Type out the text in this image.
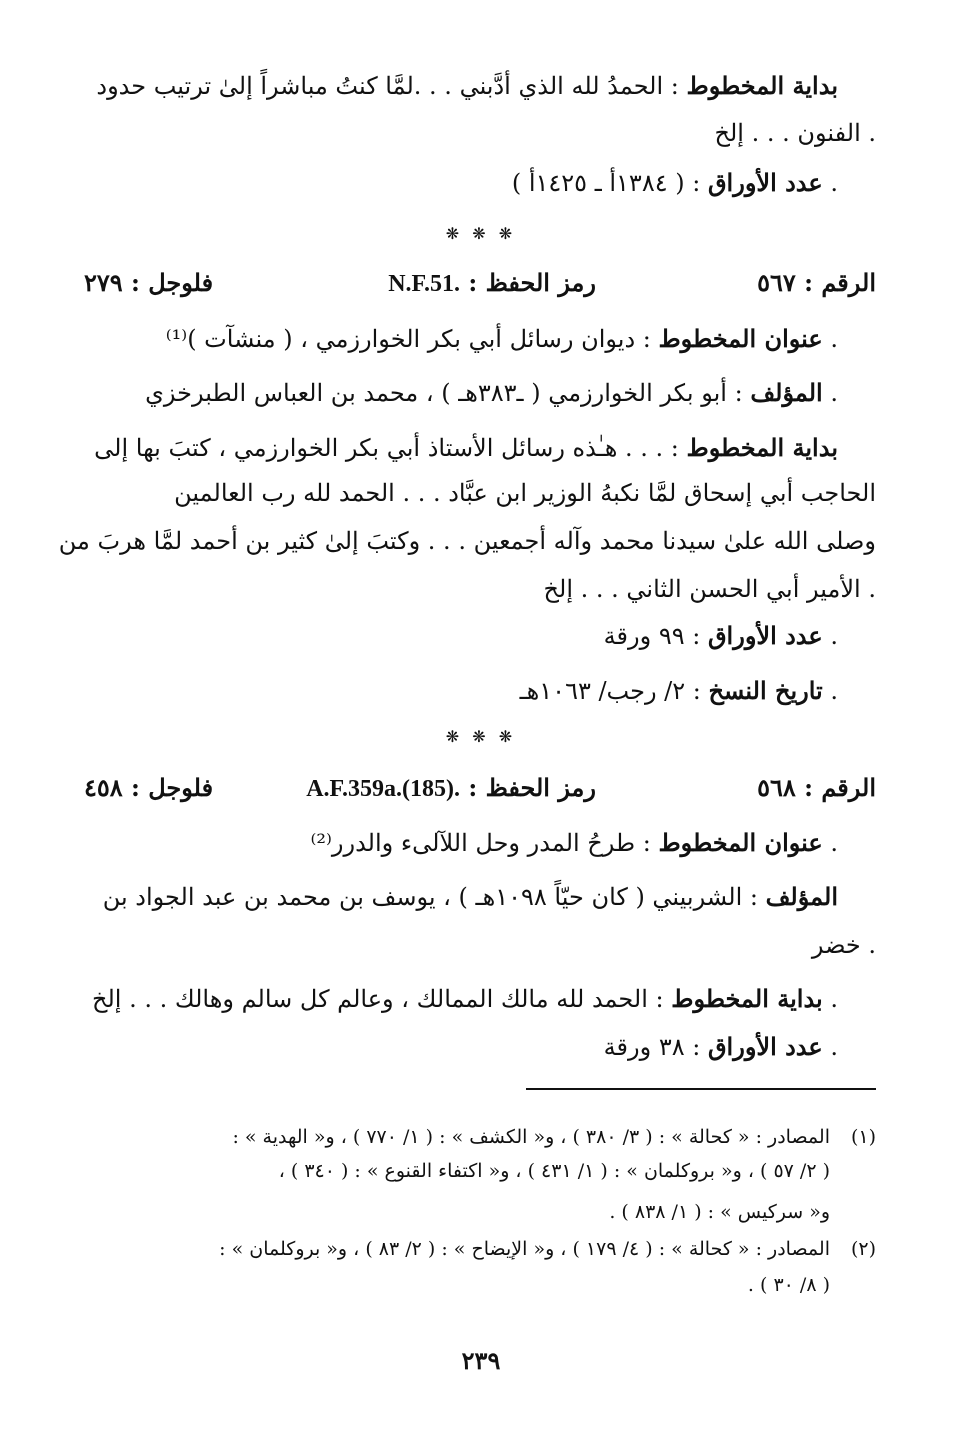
بداية المخطوط : الحمدُ لله الذي أدَّبني . . .لمَّا كنتُ مباشراً إلىٰ ترتيب حدود
الفنون . . . إلخ .
عدد الأوراق : ( ١٣٨٤أ ـ ١٤٢٥أ ) .
❋ ❋ ❋
الرقم : ٥٦٧
رمز الحفظ : N.F.51.
فلوجل : ٢٧٩
عنوان المخطوط : ديوان رسائل أبي بكر الخوارزمي ، ( منشآت )⁽¹⁾ .
المؤلف : أبو بكر الخوارزمي ( ـ٣٨٣هـ ) ، محمد بن العباس الطبرخزي .
بداية المخطوط : . . . هـٰذه رسائل الأستاذ أبي بكر الخوارزمي ، كتبَ بها إلى
الحاجب أبي إسحاق لمَّا نكبهُ الوزير ابن عبَّاد . . . الحمد لله رب العالمين
وصلى الله علىٰ سيدنا محمد وآله أجمعين . . . وكتبَ إلىٰ كثير بن أحمد لمَّا هربَ من
الأمير أبي الحسن الثاني . . . إلخ .
عدد الأوراق : ٩٩ ورقة .
تاريخ النسخ : ٢/ رجب/ ١٠٦٣هـ .
❋ ❋ ❋
الرقم : ٥٦٨
رمز الحفظ : A.F.359a.(185).
فلوجل : ٤٥٨
عنوان المخطوط : طرحُ المدر وحل اللآلىء والدرر⁽²⁾ .
المؤلف : الشربيني ( كان حيّاً ١٠٩٨هـ ) ، يوسف بن محمد بن عبد الجواد بن
خضر .
بداية المخطوط : الحمد لله مالك الممالك ، وعالم كل سالم وهالك . . . إلخ .
عدد الأوراق : ٣٨ ورقة .
(١)المصادر : « كحالة » : ( ٣/ ٣٨٠ ) ، و« الكشف » : ( ١/ ٧٧٠ ) ، و« الهدية » :
( ٢/ ٥٧ ) ، و« بروكلمان » : ( ١/ ٤٣١ ) ، و« اكتفاء القنوع » : ( ٣٤٠ ) ،
و« سركيس » : ( ١/ ٨٣٨ ) .
(٢)المصادر : « كحالة » : ( ٤/ ١٧٩ ) ، و« الإيضاح » : ( ٢/ ٨٣ ) ، و« بروكلمان » :
( ٨/ ٣٠ ) .
٢٣٩
